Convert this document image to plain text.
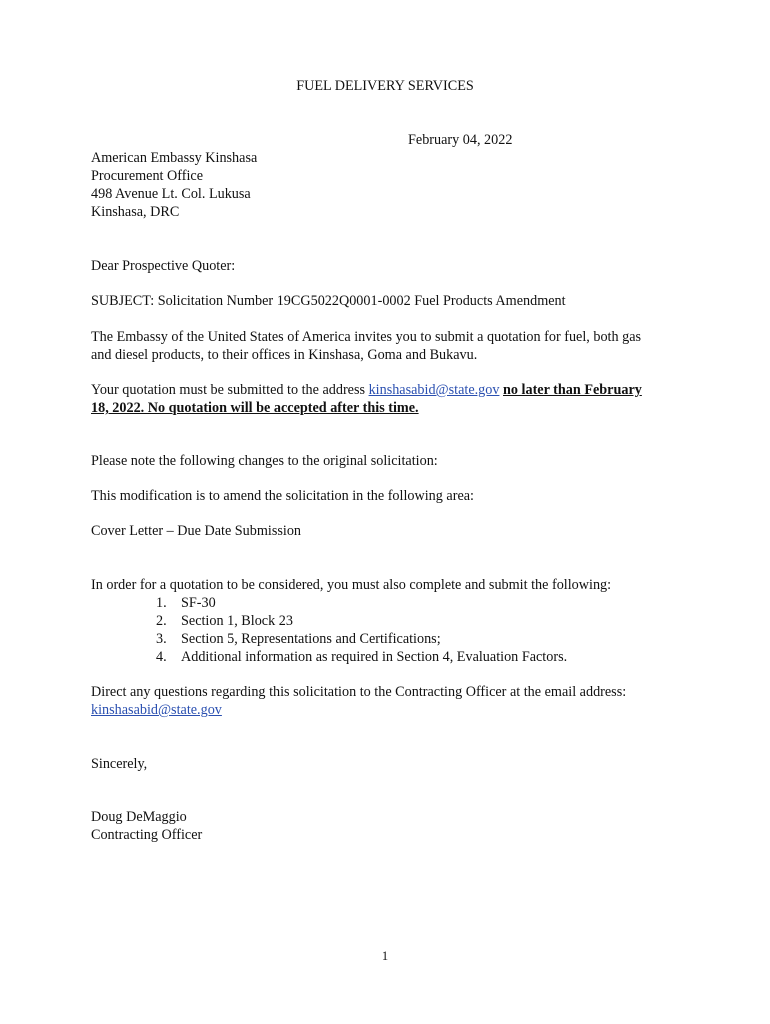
FUEL DELIVERY SERVICES
February 04, 2022
American Embassy Kinshasa
Procurement Office
498 Avenue Lt. Col. Lukusa
Kinshasa, DRC
Dear Prospective Quoter:
SUBJECT: Solicitation Number 19CG5022Q0001-0002 Fuel Products Amendment
The Embassy of the United States of America invites you to submit a quotation for fuel, both gas
and diesel products, to their offices in Kinshasa, Goma and Bukavu.
Your quotation must be submitted to the address kinshasabid@state.gov no later than February
18, 2022. No quotation will be accepted after this time.
Please note the following changes to the original solicitation:
This modification is to amend the solicitation in the following area:
Cover Letter – Due Date Submission
In order for a quotation to be considered, you must also complete and submit the following:
1. SF-30
2. Section 1, Block 23
3. Section 5, Representations and Certifications;
4. Additional information as required in Section 4, Evaluation Factors.
Direct any questions regarding this solicitation to the Contracting Officer at the email address:
kinshasabid@state.gov
Sincerely,
Doug DeMaggio
Contracting Officer
1
